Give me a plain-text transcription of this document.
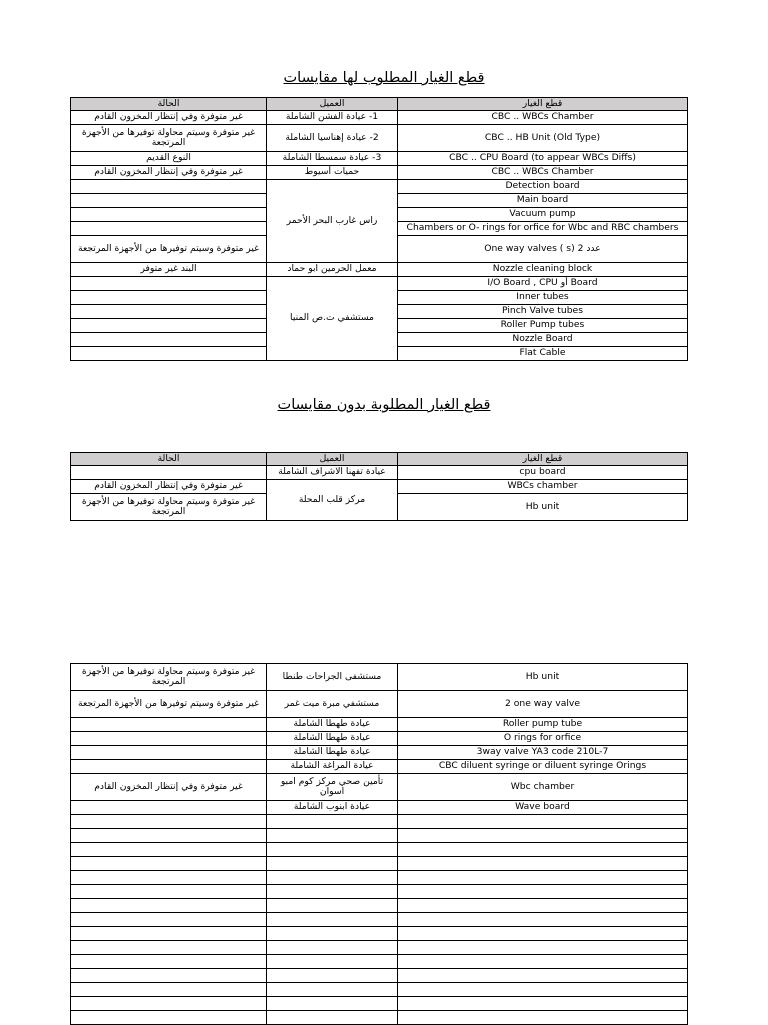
قطع الغيار المطلوب لها مقايسات
الحالة	العميل	قطع الغيار
غير متوفرة وفي إنتظار المخزون القادم	1- عيادة الفشن الشاملة	CBC .. WBCs Chamber
غير متوفرة وسيتم محاولة توفيرها من الأجهزة المرتجعة	2- عيادة إهناسيا الشاملة	CBC .. HB Unit (Old Type)
النوع القديم	3- عيادة سمسطا الشاملة	CBC .. CPU Board (to appear WBCs Diffs)
غير متوفرة وفي إنتظار المخزون القادم	حميات أسيوط	CBC .. WBCs Chamber
	راس غارب البحر الأحمر	Detection board
		Main board
		Vacuum pump
		Chambers or O- rings for orfice for Wbc and RBC chambers
غير متوفرة وسيتم توفيرها من الأجهزة المرتجعة		One way valves ( s) 2 عدد
البند غير متوفر	معمل الحرمين ابو حماد	Nozzle cleaning block
	مستشفي ت.ص المنيا	I/O Board , CPU أو Board
		Inner tubes
		Pinch Valve tubes
		Roller Pump tubes
		Nozzle Board
		Flat Cable
قطع الغيار المطلوبة بدون مقايسات
الحالة	العميل	قطع الغيار
	عيادة تفهنا الاشراف الشاملة	cpu board
غير متوفرة وفي إنتظار المخزون القادم	مركز قلب المحلة	WBCs chamber
غير متوفرة وسيتم محاولة توفيرها من الأجهزة المرتجعة		Hb unit
غير متوفرة وسيتم محاولة توفيرها من الأجهزة المرتجعة	مستشفى الجراحات طنطا	Hb unit
غير متوفرة وسيتم توفيرها من الأجهزة المرتجعة	مستشفي مبرة ميت غمر	2 one way valve
	عيادة طهطا الشاملة	Roller pump tube
	عيادة طهطا الشاملة	O rings for orfice
	عيادة طهطا الشاملة	3way valve YA3 code 210L-7
	عيادة المراغة الشاملة	CBC diluent syringe or diluent syringe Orings
غير متوفرة وفي إنتظار المخزون القادم	تأمين صحي مركز كوم امبو اسوان	Wbc chamber
	عيادة ابنوب الشاملة	Wave board
